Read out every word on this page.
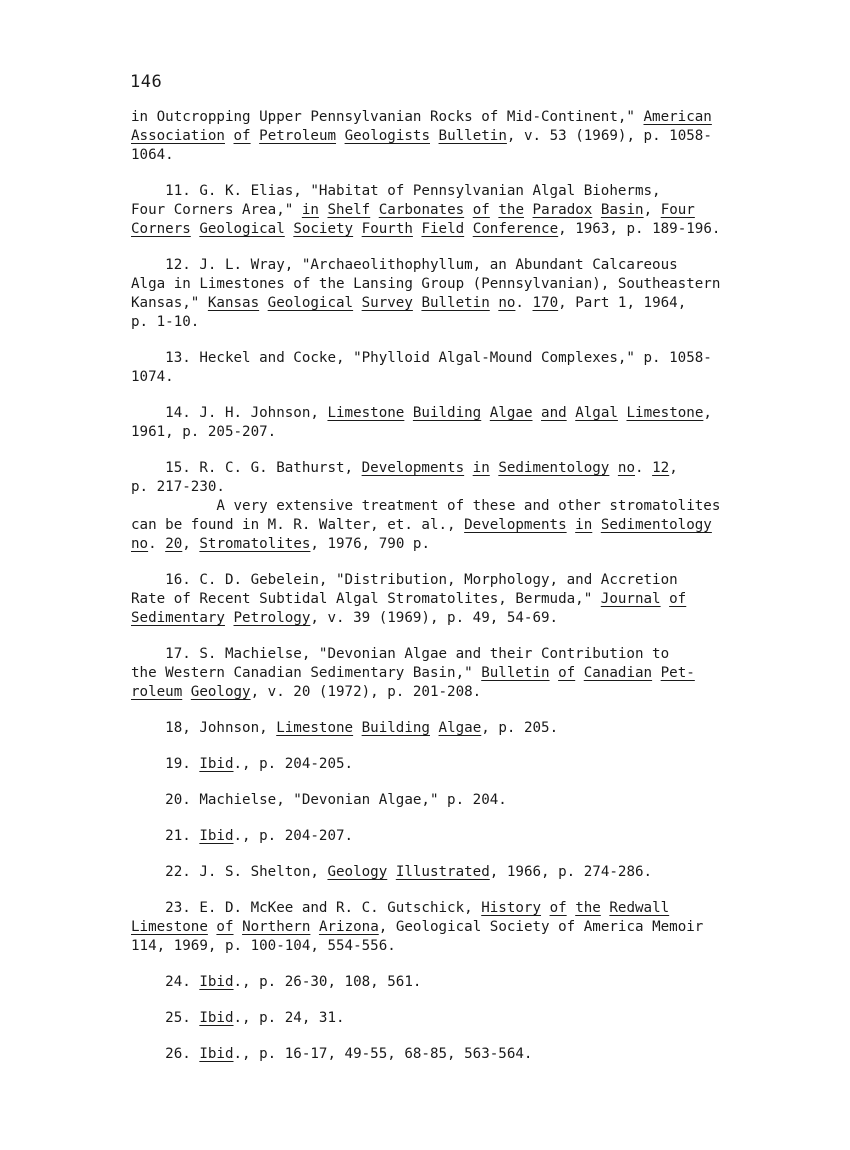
146
in Outcropping Upper Pennsylvanian Rocks of Mid-Continent," American
Association of Petroleum Geologists Bulletin, v. 53 (1969), p. 1058-
1064.
11. G. K. Elias, "Habitat of Pennsylvanian Algal Bioherms,
Four Corners Area," in Shelf Carbonates of the Paradox Basin, Four
Corners Geological Society Fourth Field Conference, 1963, p. 189-196.
12. J. L. Wray, "Archaeolithophyllum, an Abundant Calcareous
Alga in Limestones of the Lansing Group (Pennsylvanian), Southeastern
Kansas," Kansas Geological Survey Bulletin no. 170, Part 1, 1964,
p. 1-10.
13. Heckel and Cocke, "Phylloid Algal-Mound Complexes," p. 1058-
1074.
14. J. H. Johnson, Limestone Building Algae and Algal Limestone,
1961, p. 205-207.
15. R. C. G. Bathurst, Developments in Sedimentology no. 12,
p. 217-230.
A very extensive treatment of these and other stromatolites
can be found in M. R. Walter, et. al., Developments in Sedimentology
no. 20, Stromatolites, 1976, 790 p.
16. C. D. Gebelein, "Distribution, Morphology, and Accretion
Rate of Recent Subtidal Algal Stromatolites, Bermuda," Journal of
Sedimentary Petrology, v. 39 (1969), p. 49, 54-69.
17. S. Machielse, "Devonian Algae and their Contribution to
the Western Canadian Sedimentary Basin," Bulletin of Canadian Pet-
roleum Geology, v. 20 (1972), p. 201-208.
18, Johnson, Limestone Building Algae, p. 205.
19. Ibid., p. 204-205.
20. Machielse, "Devonian Algae," p. 204.
21. Ibid., p. 204-207.
22. J. S. Shelton, Geology Illustrated, 1966, p. 274-286.
23. E. D. McKee and R. C. Gutschick, History of the Redwall
Limestone of Northern Arizona, Geological Society of America Memoir
114, 1969, p. 100-104, 554-556.
24. Ibid., p. 26-30, 108, 561.
25. Ibid., p. 24, 31.
26. Ibid., p. 16-17, 49-55, 68-85, 563-564.
